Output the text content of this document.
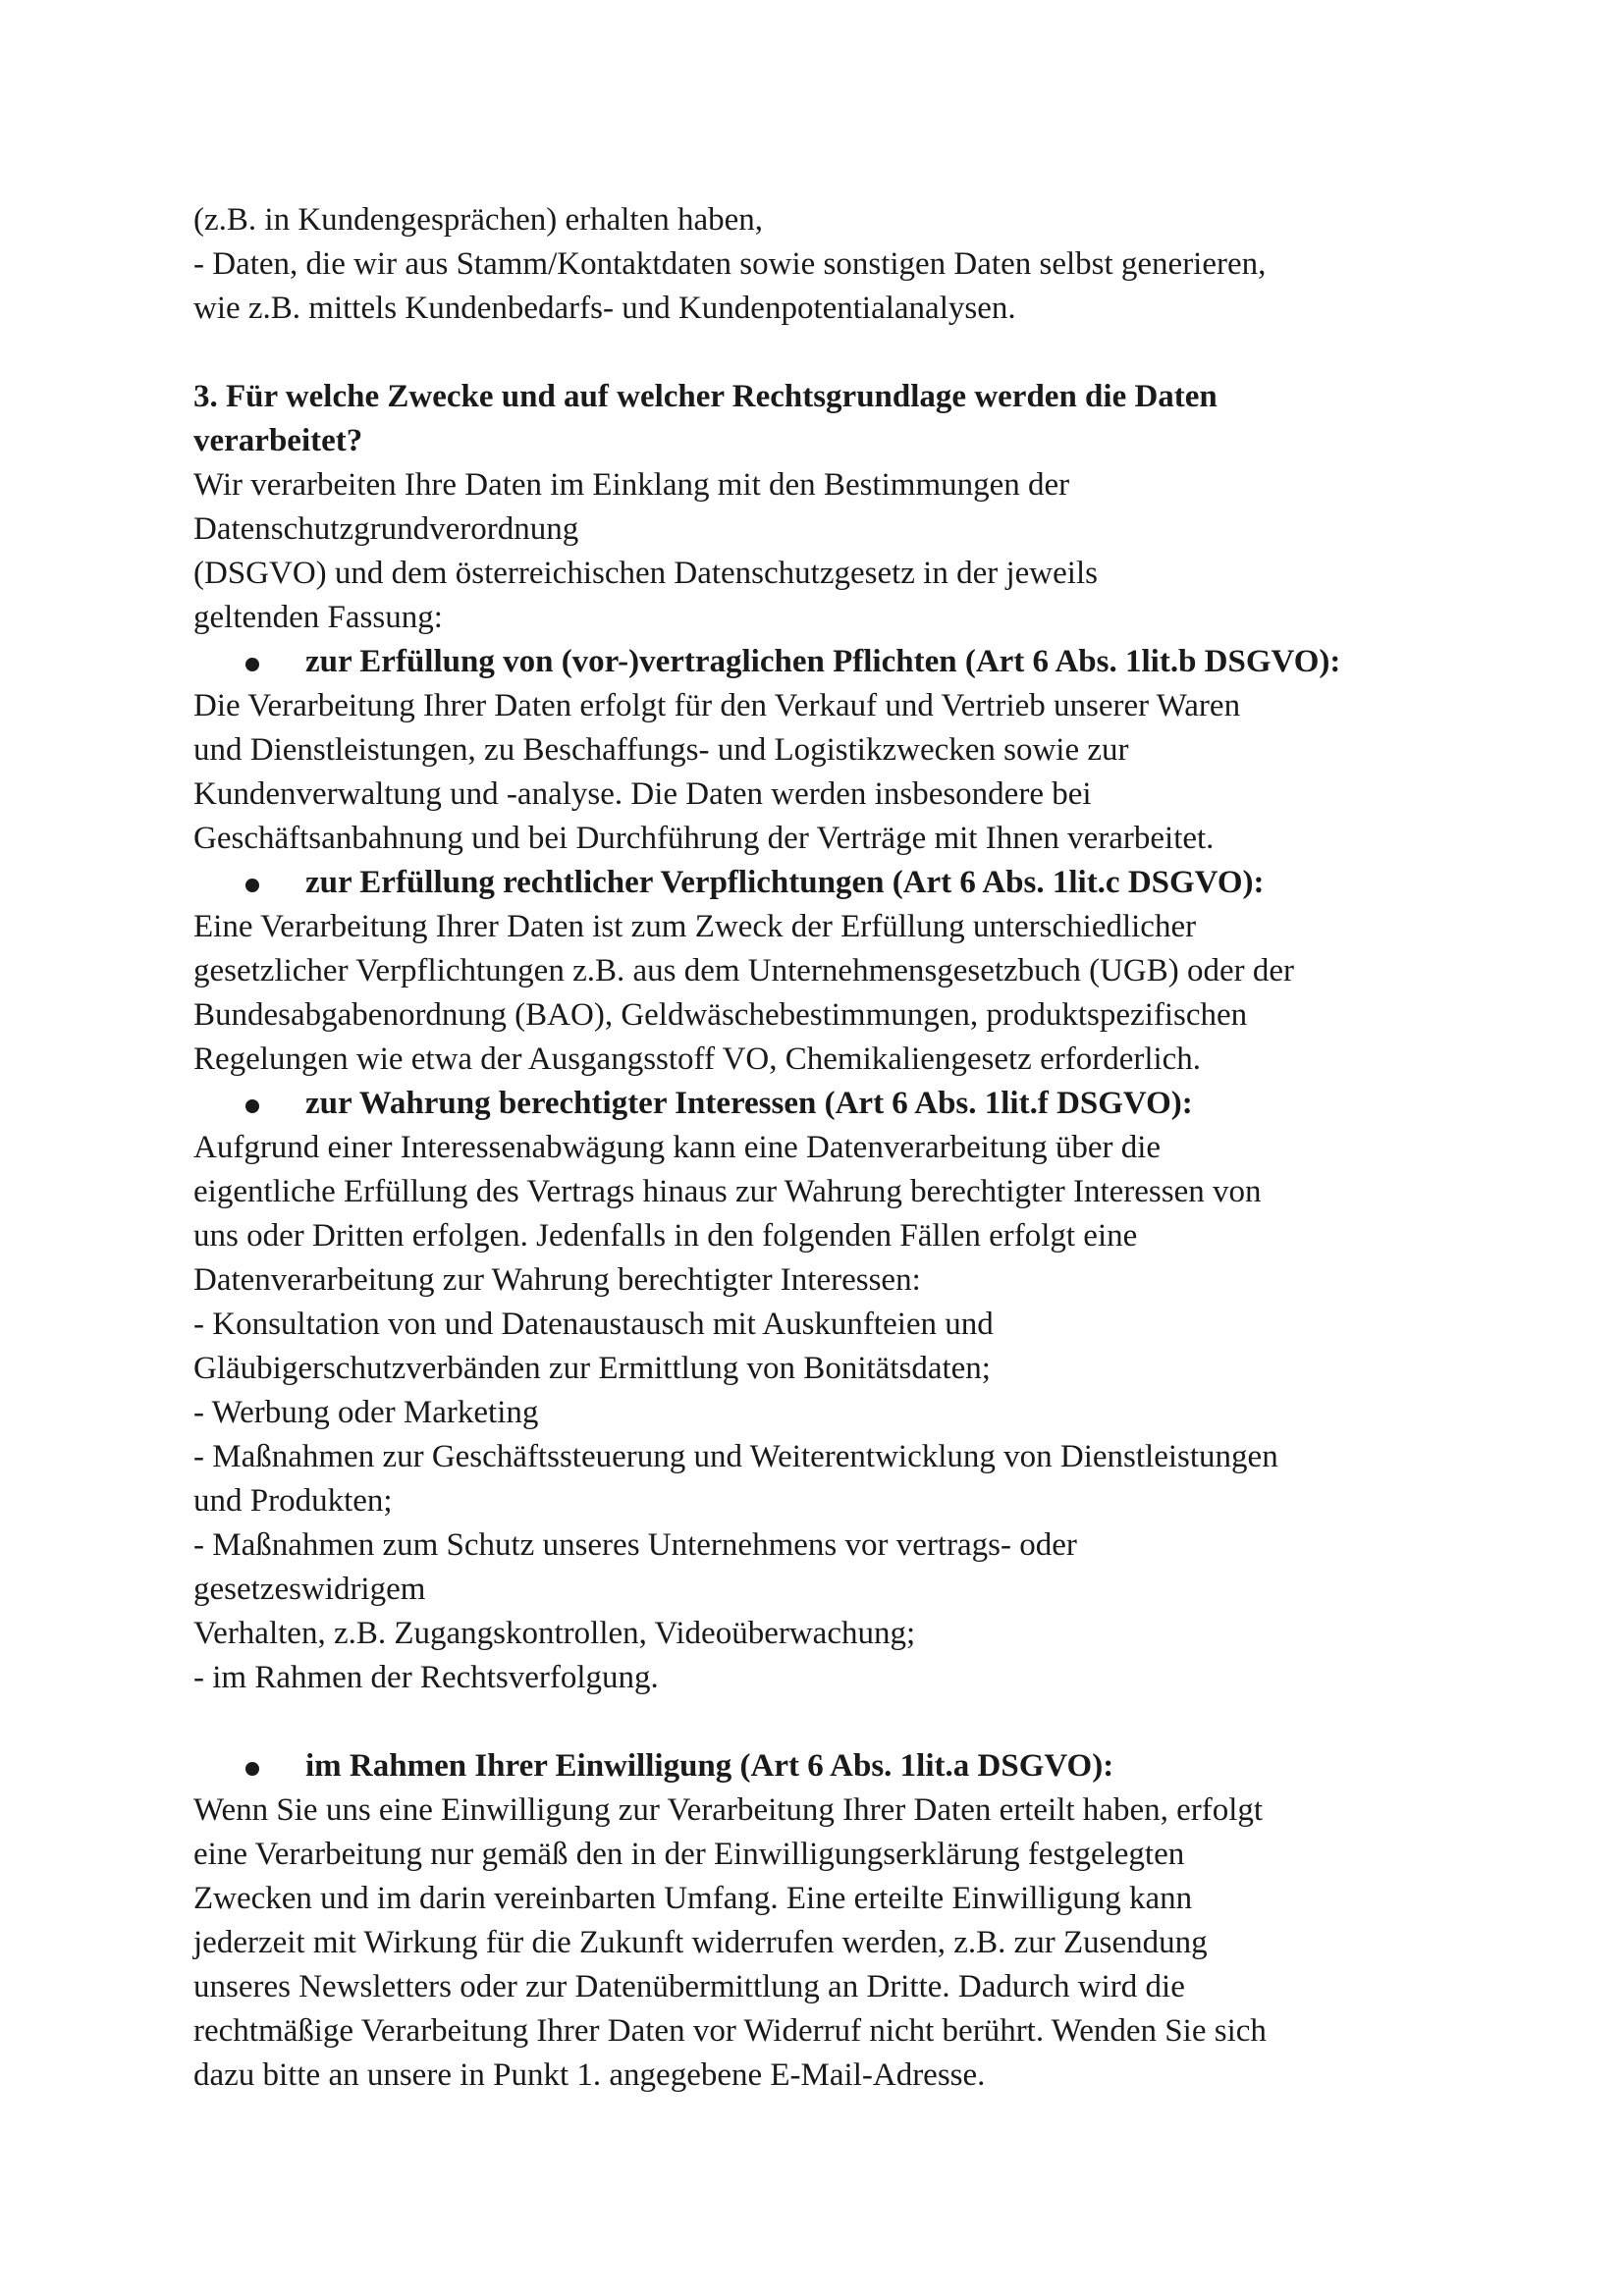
(z.B. in Kundengesprächen) erhalten haben,

- Daten, die wir aus Stamm/Kontaktdaten sowie sonstigen Daten selbst generieren,

wie z.B. mittels Kundenbedarfs- und Kundenpotentialanalysen.

3. Für welche Zwecke und auf welcher Rechtsgrundlage werden die Daten

verarbeitet?

Wir verarbeiten Ihre Daten im Einklang mit den Bestimmungen der

Datenschutzgrundverordnung

(DSGVO) und dem österreichischen Datenschutzgesetz in der jeweils

geltenden Fassung:

zur Erfüllung von (vor-)vertraglichen Pflichten (Art 6 Abs. 1lit.b DSGVO):

Die Verarbeitung Ihrer Daten erfolgt für den Verkauf und Vertrieb unserer Waren

und Dienstleistungen, zu Beschaffungs- und Logistikzwecken sowie zur

Kundenverwaltung und -analyse. Die Daten werden insbesondere bei

Geschäftsanbahnung und bei Durchführung der Verträge mit Ihnen verarbeitet.

zur Erfüllung rechtlicher Verpflichtungen (Art 6 Abs. 1lit.c DSGVO):

Eine Verarbeitung Ihrer Daten ist zum Zweck der Erfüllung unterschiedlicher

gesetzlicher Verpflichtungen z.B. aus dem Unternehmensgesetzbuch (UGB) oder der

Bundesabgabenordnung (BAO), Geldwäschebestimmungen, produktspezifischen

Regelungen wie etwa der Ausgangsstoff VO, Chemikaliengesetz erforderlich.

zur Wahrung berechtigter Interessen (Art 6 Abs. 1lit.f DSGVO):

Aufgrund einer Interessenabwägung kann eine Datenverarbeitung über die

eigentliche Erfüllung des Vertrags hinaus zur Wahrung berechtigter Interessen von

uns oder Dritten erfolgen. Jedenfalls in den folgenden Fällen erfolgt eine

Datenverarbeitung zur Wahrung berechtigter Interessen:

- Konsultation von und Datenaustausch mit Auskunfteien und

Gläubigerschutzverbänden zur Ermittlung von Bonitätsdaten;

- Werbung oder Marketing

- Maßnahmen zur Geschäftssteuerung und Weiterentwicklung von Dienstleistungen

und Produkten;

- Maßnahmen zum Schutz unseres Unternehmens vor vertrags- oder

gesetzeswidrigem

Verhalten, z.B. Zugangskontrollen, Videoüberwachung;

- im Rahmen der Rechtsverfolgung.

im Rahmen Ihrer Einwilligung (Art 6 Abs. 1lit.a DSGVO):

Wenn Sie uns eine Einwilligung zur Verarbeitung Ihrer Daten erteilt haben, erfolgt

eine Verarbeitung nur gemäß den in der Einwilligungserklärung festgelegten

Zwecken und im darin vereinbarten Umfang. Eine erteilte Einwilligung kann

jederzeit mit Wirkung für die Zukunft widerrufen werden, z.B. zur Zusendung

unseres Newsletters oder zur Datenübermittlung an Dritte. Dadurch wird die

rechtmäßige Verarbeitung Ihrer Daten vor Widerruf nicht berührt. Wenden Sie sich

dazu bitte an unsere in Punkt 1. angegebene E-Mail-Adresse.
